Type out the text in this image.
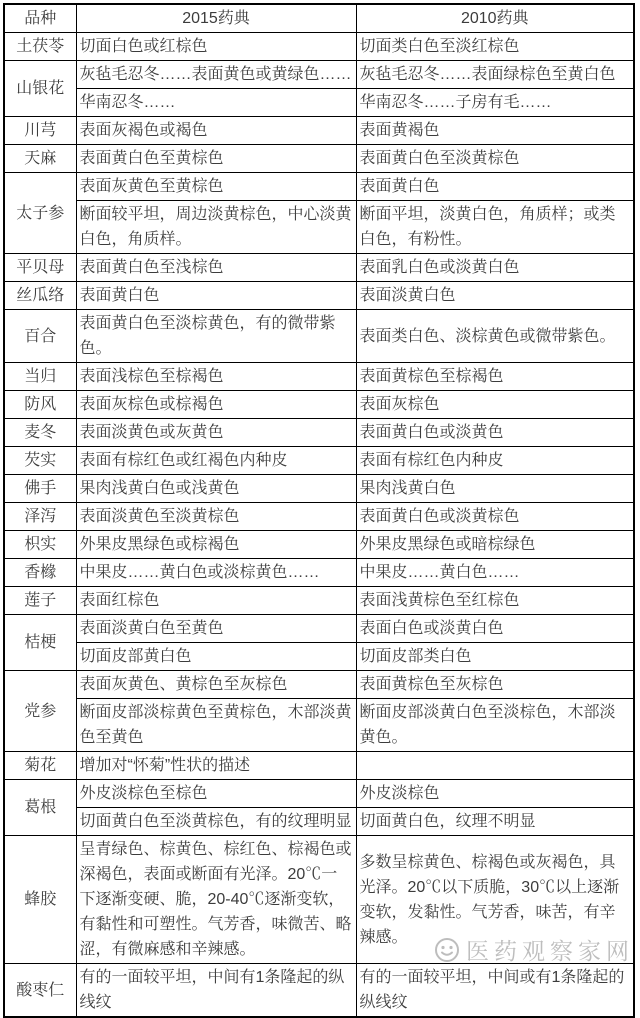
品种	2015药典	2010药典
土茯苓	切面白色或红棕色	切面类白色至淡红棕色
山银花	灰毡毛忍冬……表面黄色或黄绿色……	灰毡毛忍冬……表面绿棕色至黄白色
	华南忍冬……	华南忍冬……子房有毛……
川芎	表面灰褐色或褐色	表面黄褐色
天麻	表面黄白色至黄棕色	表面黄白色至淡黄棕色
太子参	表面灰黄色至黄棕色	表面黄白色
	断面较平坦，周边淡黄棕色，中心淡黄白色，角质样。	断面平坦，淡黄白色，角质样；或类白色，有粉性。
平贝母	表面黄白色至浅棕色	表面乳白色或淡黄白色
丝瓜络	表面黄白色	表面淡黄白色
百合	表面黄白色至淡棕黄色，有的微带紫色。	表面类白色、淡棕黄色或微带紫色。
当归	表面浅棕色至棕褐色	表面黄棕色至棕褐色
防风	表面灰棕色或棕褐色	表面灰棕色
麦冬	表面淡黄色或灰黄色	表面黄白色或淡黄色
芡实	表面有棕红色或红褐色内种皮	表面有棕红色内种皮
佛手	果肉浅黄白色或浅黄色	果肉浅黄白色
泽泻	表面淡黄色至淡黄棕色	表面黄白色或淡黄棕色
枳实	外果皮黑绿色或棕褐色	外果皮黑绿色或暗棕绿色
香橼	中果皮……黄白色或淡棕黄色……	中果皮……黄白色……
莲子	表面红棕色	表面浅黄棕色至红棕色
桔梗	表面淡黄白色至黄色	表面白色或淡黄白色
	切面皮部黄白色	切面皮部类白色
党参	表面灰黄色、黄棕色至灰棕色	表面黄棕色至灰棕色
	断面皮部淡棕黄色至黄棕色，木部淡黄色至黄色	断面皮部淡黄白色至淡棕色，木部淡黄色。
菊花	增加对“怀菊”性状的描述	
葛根	外皮淡棕色至棕色	外皮淡棕色
	切面黄白色至淡黄棕色，有的纹理明显	切面黄白色，纹理不明显
蜂胶	呈青绿色、棕黄色、棕红色、棕褐色或深褐色，表面或断面有光泽。20℃一下逐渐变硬、脆，20-40℃逐渐变软，有黏性和可塑性。气芳香，味微苦、略涩，有微麻感和辛辣感。	多数呈棕黄色、棕褐色或灰褐色，具光泽。20℃以下质脆，30℃以上逐渐变软，发黏性。气芳香，味苦，有辛辣感。
酸枣仁	有的一面较平坦，中间有1条隆起的纵线纹	有的一面较平坦，中间或有1条隆起的纵线纹
医药观察家网
